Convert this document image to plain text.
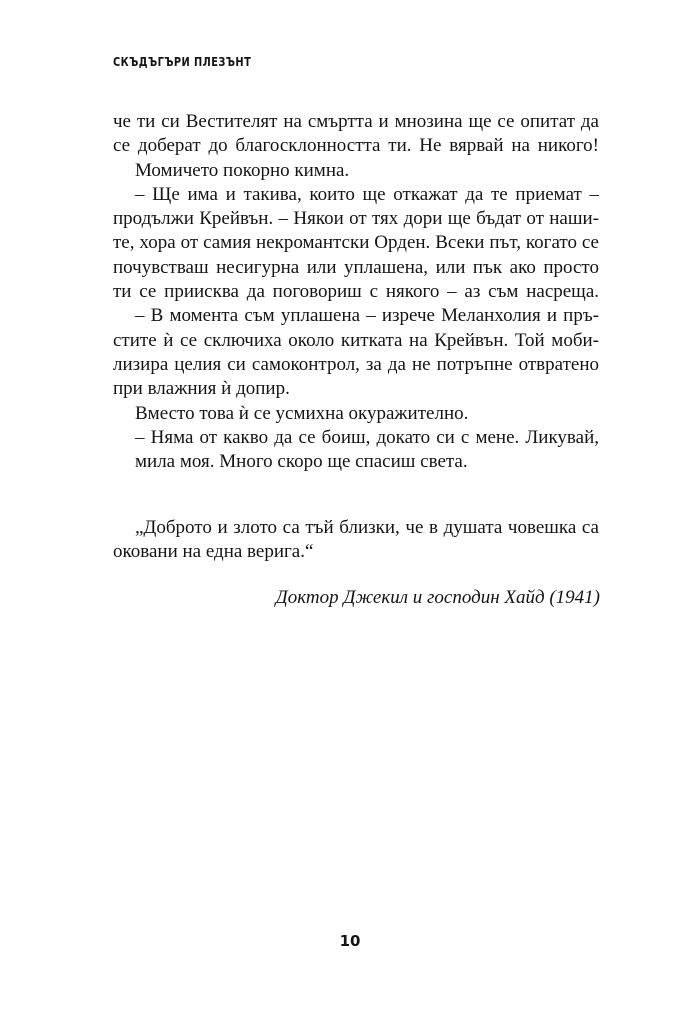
СКЪДЪГЪРИ ПЛЕЗЪНТ
че ти си Вестителят на смъртта и мнозина ще се опитат да
се доберат до благосклонността ти. Не вярвай на никого!
Момичето покорно кимна.
– Ще има и такива, които ще откажат да те приемат –
продължи Крейвън. – Някои от тях дори ще бъдат от наши-
те, хора от самия некромантски Орден. Всеки път, когато се
почувстваш несигурна или уплашена, или пък ако просто
ти се приисква да поговориш с някого – аз съм насреща.
– В момента съм уплашена – изрече Меланхолия и пръ-
стите ѝ се сключиха около китката на Крейвън. Той моби-
лизира целия си самоконтрол, за да не потръпне отвратено
при влажния ѝ допир.
Вместо това ѝ се усмихна окуражително.
– Няма от какво да се боиш, докато си с мене. Ликувай,
мила моя. Много скоро ще спасиш света.
„Доброто и злото са тъй близки, че в душата човешка са
оковани на една верига.“
Доктор Джекил и господин Хайд (1941)
10
